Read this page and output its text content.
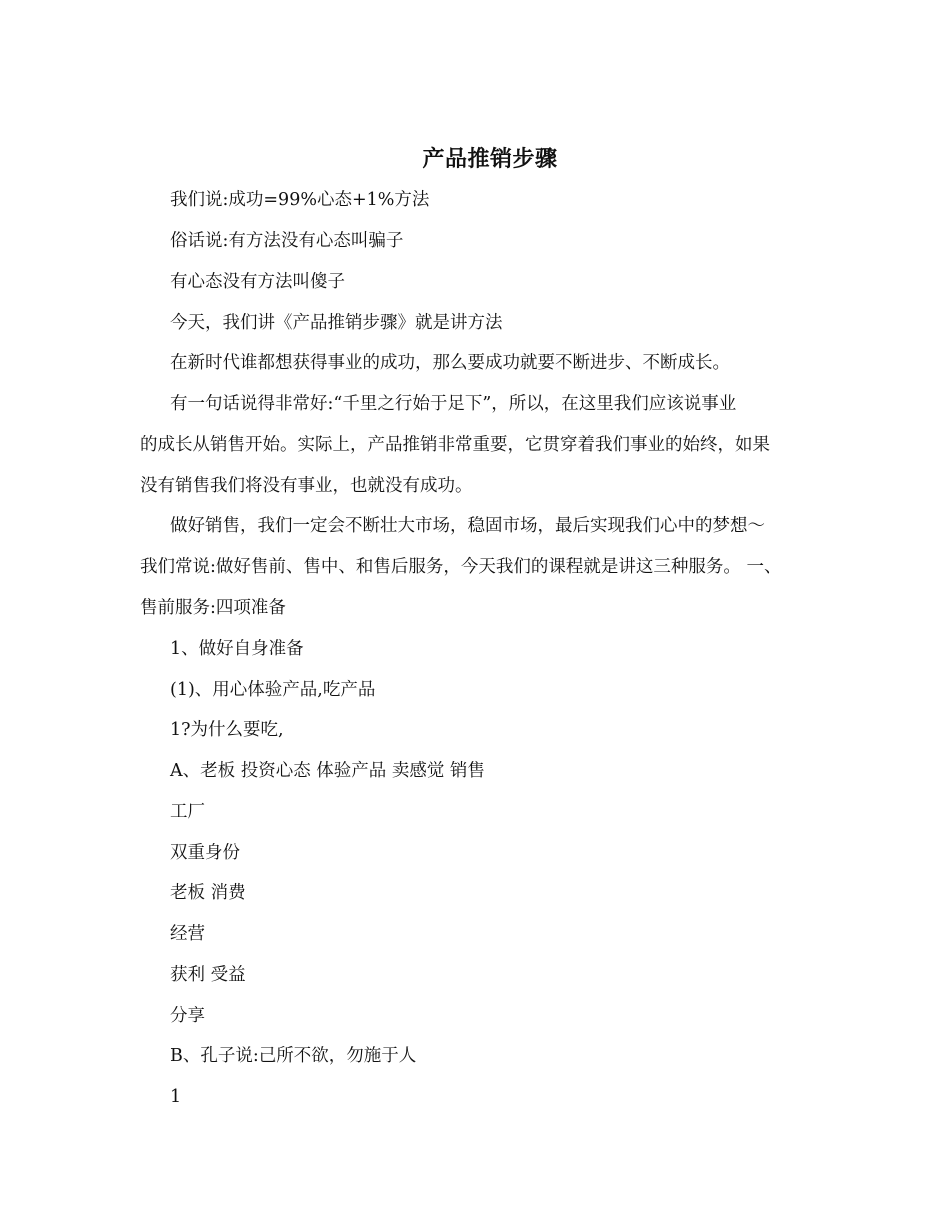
产品推销步骤
我们说:成功=99%心态+1%方法
俗话说:有方法没有心态叫骗子
有心态没有方法叫傻子
今天，我们讲《产品推销步骤》就是讲方法
在新时代谁都想获得事业的成功，那么要成功就要不断进步、不断成长。
有一句话说得非常好:“千里之行始于足下”，所以，在这里我们应该说事业
的成长从销售开始。实际上，产品推销非常重要，它贯穿着我们事业的始终，如果
没有销售我们将没有事业，也就没有成功。
做好销售，我们一定会不断壮大市场，稳固市场，最后实现我们心中的梦想～
我们常说:做好售前、售中、和售后服务，今天我们的课程就是讲这三种服务。 一、
售前服务:四项准备
1、做好自身准备
(1)、用心体验产品,吃产品
1?为什么要吃,
A、老板 投资心态 体验产品 卖感觉 销售
工厂
双重身份
老板 消费
经营
获利 受益
分享
B、孔子说:己所不欲，勿施于人
1
